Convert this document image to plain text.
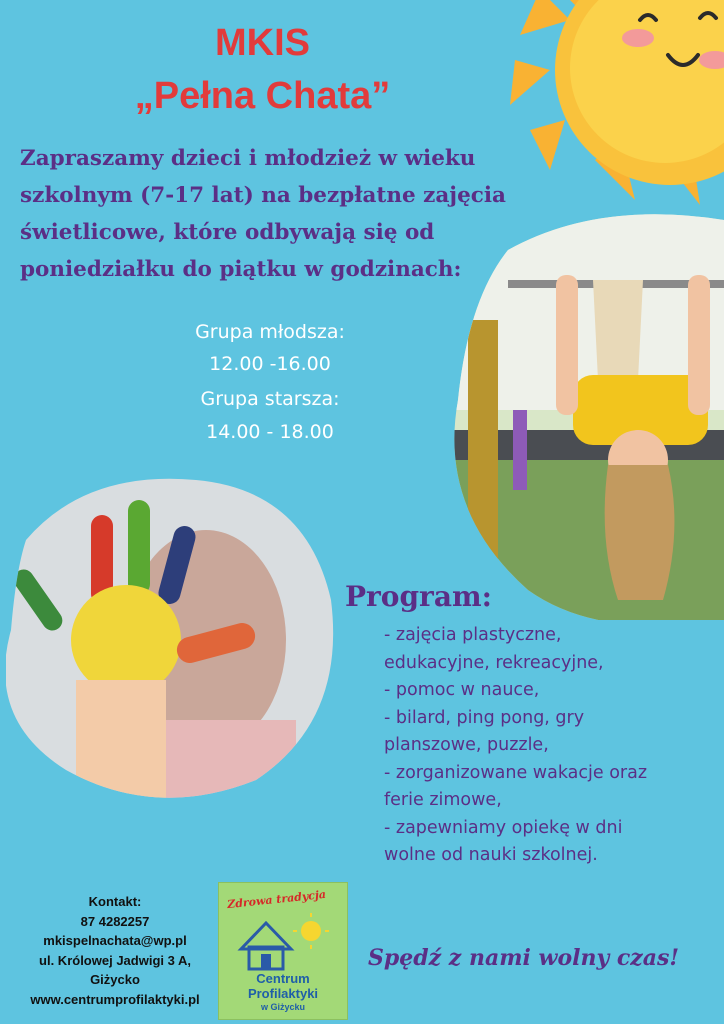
MKIS
„Pełna Chata”
Zapraszamy dzieci i młodzież w wieku
szkolnym (7-17 lat) na bezpłatne zajęcia
świetlicowe, które odbywają się od
poniedziałku do piątku w godzinach:
Grupa młodsza:
12.00 -16.00
Grupa starsza:
14.00 - 18.00
Program:
- zajęcia plastyczne,
edukacyjne, rekreacyjne,
- pomoc w nauce,
- bilard, ping pong, gry
planszowe, puzzle,
- zorganizowane wakacje oraz
ferie zimowe,
- zapewniamy opiekę w dni
wolne od nauki szkolnej.
Kontakt:
87 4282257
mkispelnachata@wp.pl
ul. Królowej Jadwigi 3 A,
Giżycko
www.centrumprofilaktyki.pl
Zdrowa tradycja
Centrum
Profilaktyki
w Giżycku
Spędź z nami wolny czas!
